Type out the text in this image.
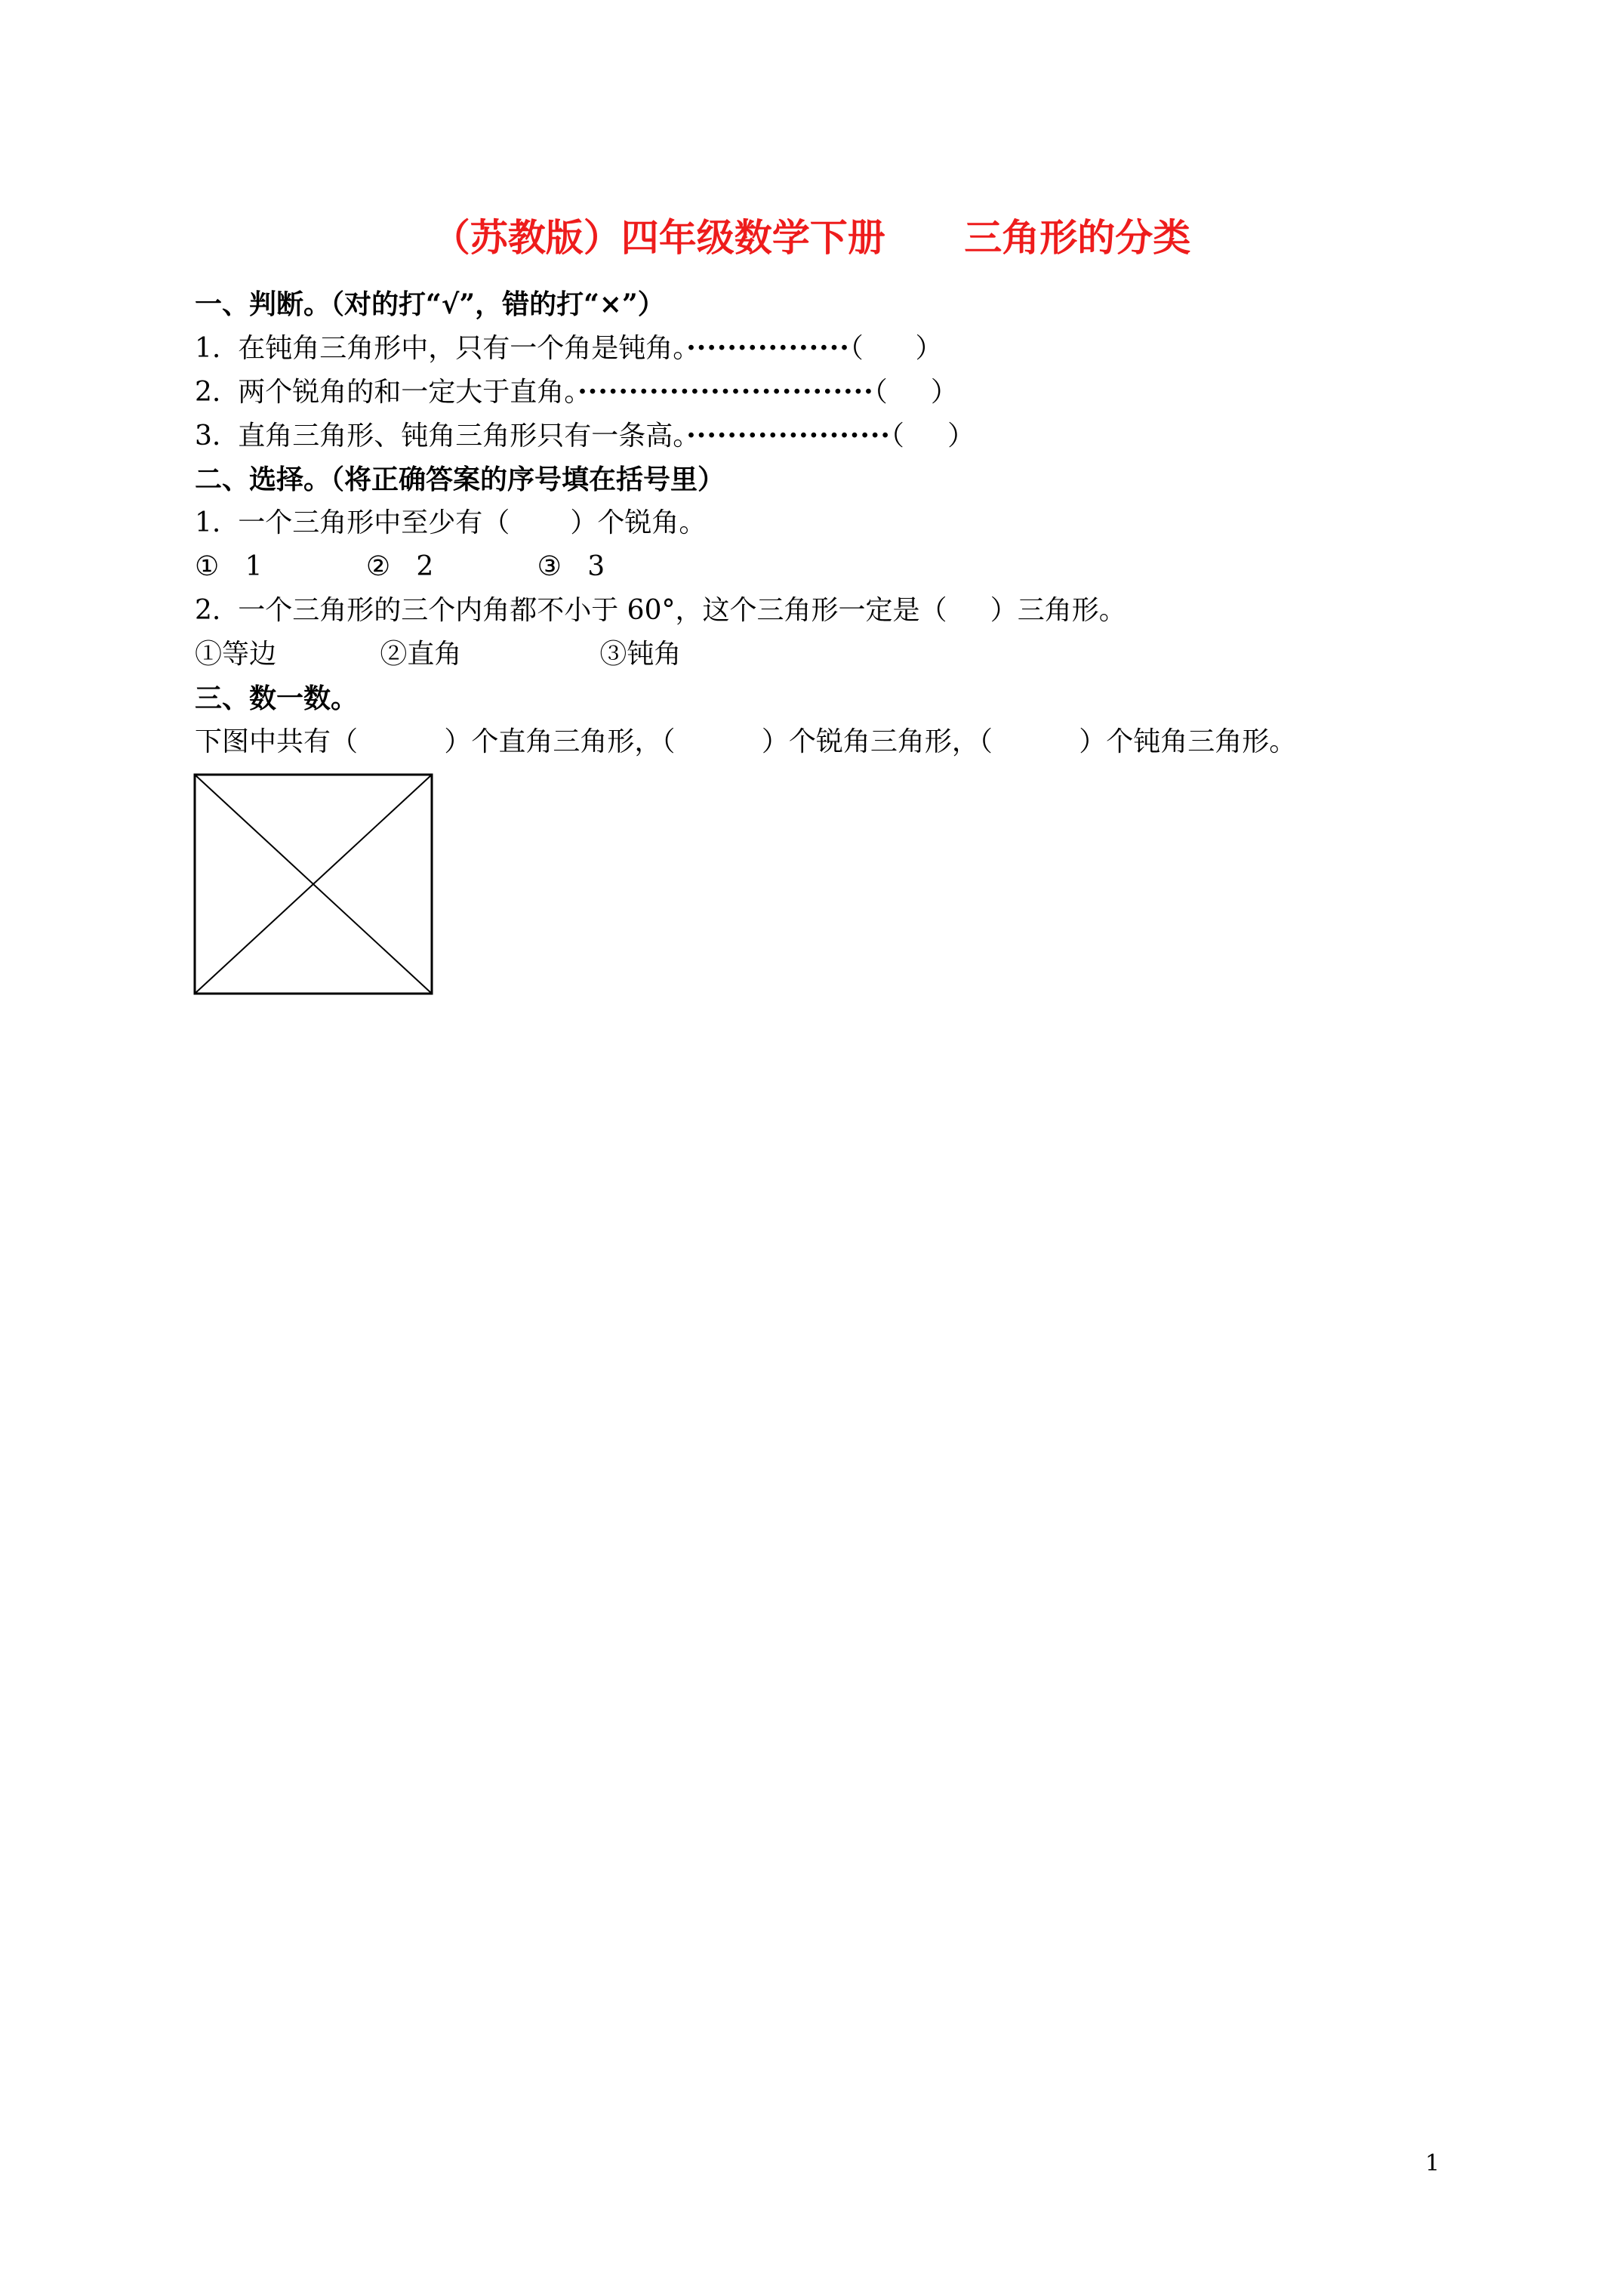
（苏教版）四年级数学下册      三角形的分类
一、判断。（对的打“√”，错的打“×”）
1.  在钝角三角形中，只有一个角是钝角。················（      ）
2.  两个锐角的和一定大于直角。·····························（     ）
3.  直角三角形、钝角三角形只有一条高。····················（     ）
二、选择。（将正确答案的序号填在括号里）
1.  一个三角形中至少有（       ）个锐角。
①   1            ②   2            ③   3
2.  一个三角形的三个内角都不小于 60°，这个三角形一定是（     ）三角形。
①等边            ②直角                ③钝角
三、数一数。
下图中共有（          ）个直角三角形，（          ）个锐角三角形，（          ）个钝角三角形。
1
